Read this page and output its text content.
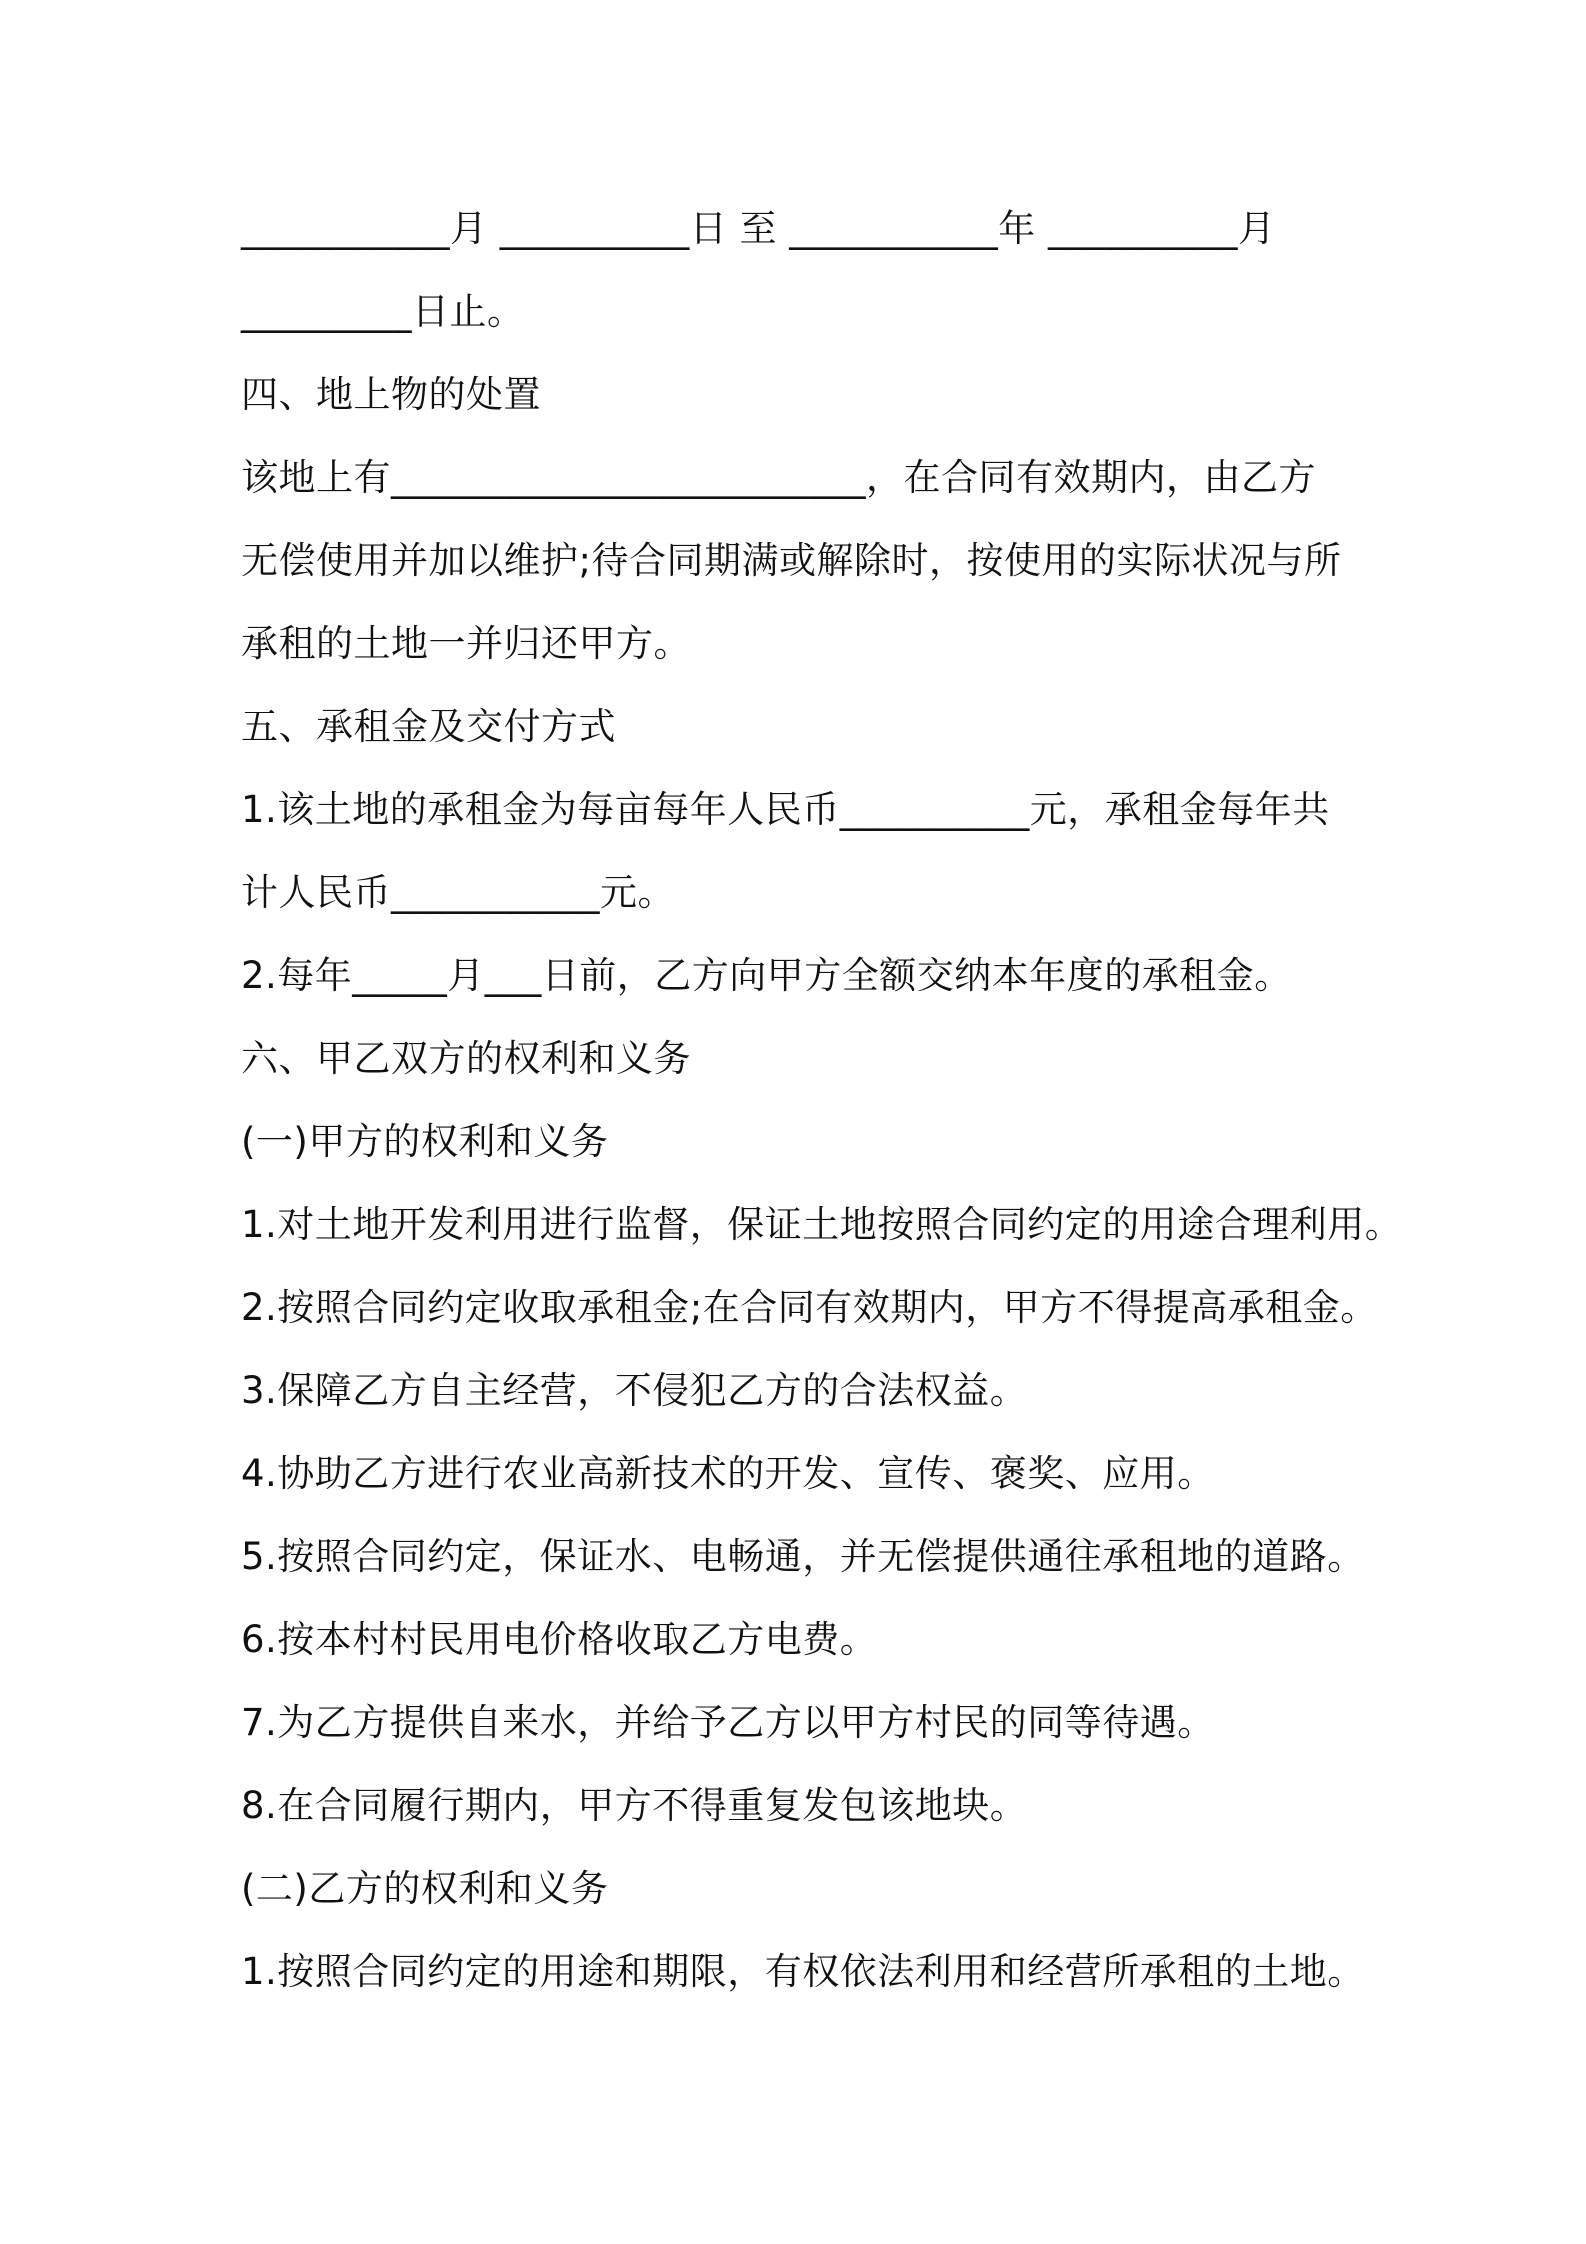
___________月 __________日 至 ___________年 __________月
_________日止。
四、地上物的处置
该地上有_________________________，在合同有效期内，由乙方
无偿使用并加以维护;待合同期满或解除时，按使用的实际状况与所
承租的土地一并归还甲方。
五、承租金及交付方式
1.该土地的承租金为每亩每年人民币__________元，承租金每年共
计人民币___________元。
2.每年_____月___日前，乙方向甲方全额交纳本年度的承租金。
六、甲乙双方的权利和义务
(一)甲方的权利和义务
1.对土地开发利用进行监督，保证土地按照合同约定的用途合理利用。
2.按照合同约定收取承租金;在合同有效期内，甲方不得提高承租金。
3.保障乙方自主经营，不侵犯乙方的合法权益。
4.协助乙方进行农业高新技术的开发、宣传、褒奖、应用。
5.按照合同约定，保证水、电畅通，并无偿提供通往承租地的道路。
6.按本村村民用电价格收取乙方电费。
7.为乙方提供自来水，并给予乙方以甲方村民的同等待遇。
8.在合同履行期内，甲方不得重复发包该地块。
(二)乙方的权利和义务
1.按照合同约定的用途和期限，有权依法利用和经营所承租的土地。
